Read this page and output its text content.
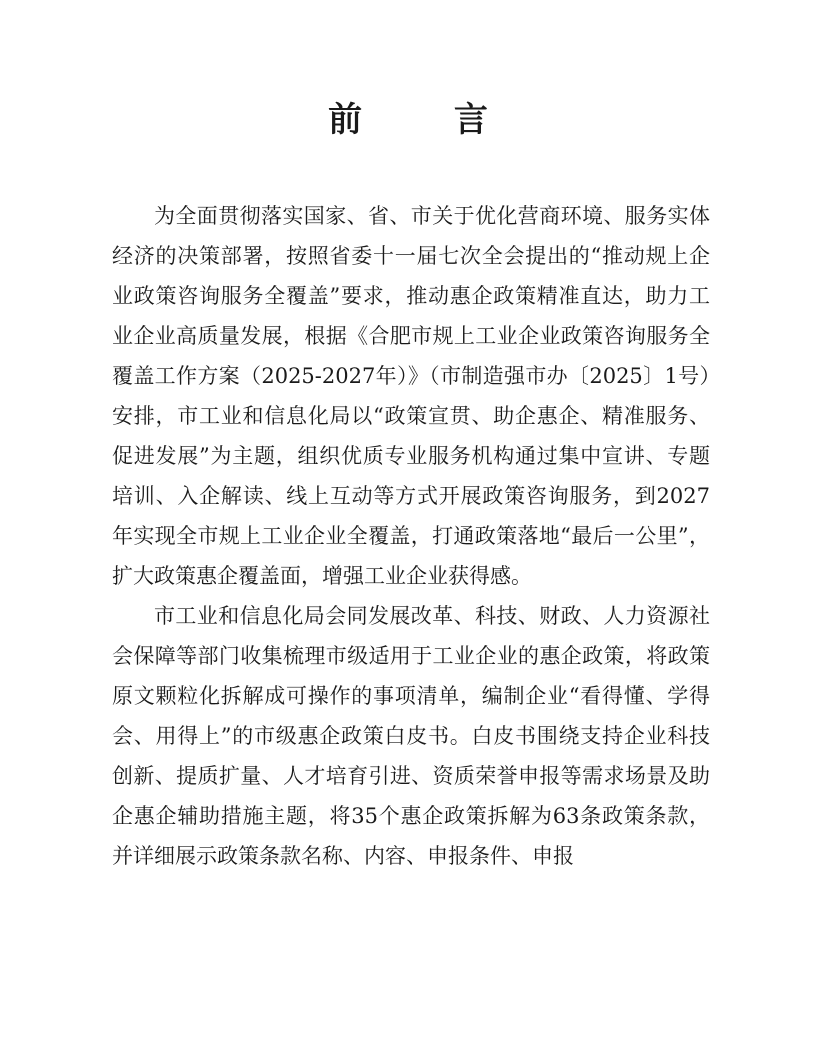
前 言

为全面贯彻落实国家、省、市关于优化营商环境、服务实体经济的决策部署，按照省委十一届七次全会提出的“推动规上企业政策咨询服务全覆盖”要求，推动惠企政策精准直达，助力工业企业高质量发展，根据《合肥市规上工业企业政策咨询服务全覆盖工作方案（2025-2027年）》（市制造强市办〔2025〕1号）安排，市工业和信息化局以“政策宣贯、助企惠企、精准服务、促进发展”为主题，组织优质专业服务机构通过集中宣讲、专题培训、入企解读、线上互动等方式开展政策咨询服务，到2027年实现全市规上工业企业全覆盖，打通政策落地“最后一公里”，扩大政策惠企覆盖面，增强工业企业获得感。

市工业和信息化局会同发展改革、科技、财政、人力资源社会保障等部门收集梳理市级适用于工业企业的惠企政策，将政策原文颗粒化拆解成可操作的事项清单，编制企业“看得懂、学得会、用得上”的市级惠企政策白皮书。白皮书围绕支持企业科技创新、提质扩量、人才培育引进、资质荣誉申报等需求场景及助企惠企辅助措施主题，将35个惠企政策拆解为63条政策条款，并详细展示政策条款名称、内容、申报条件、申报
